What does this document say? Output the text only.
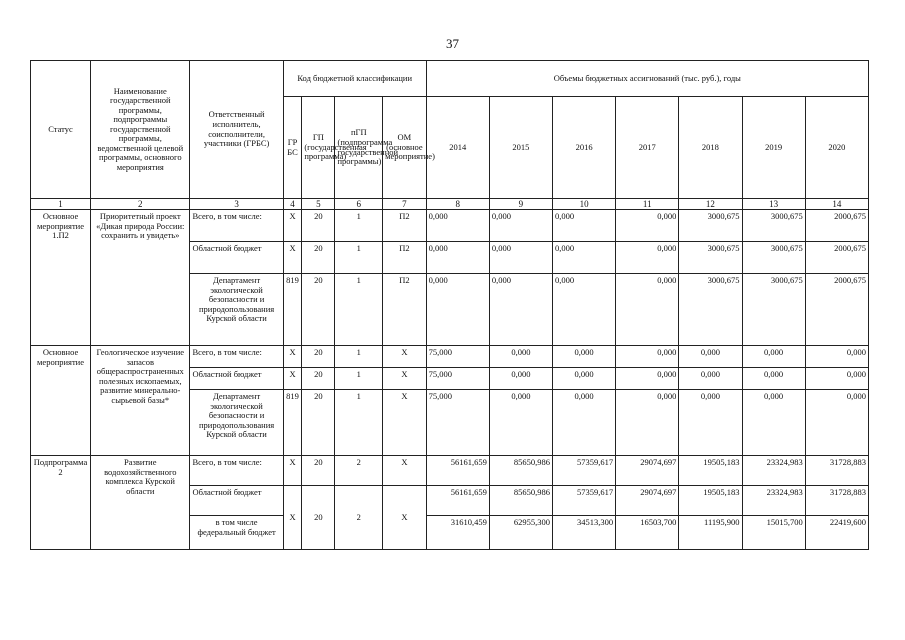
37
Статус	Наименование государственной программы, подпрограммы государственной программы, ведомственной целевой программы, основного мероприятия	Ответственный исполнитель, соисполнители, участники (ГРБС)	Код бюджетной классификации				Объемы бюджетных ассигнований (тыс. руб.), годы						
			ГР БС	ГП (государственная программа)	пГП (подпрограмма государственной программы)	ОМ (основное мероприятие)	2014	2015	2016	2017	2018	2019	2020
1	2	3	4	5	6	7	8	9	10	11	12	13	14
Основное мероприятие 1.П2	Приоритетный проект «Дикая природа России: сохранить и увидеть»	Всего, в том числе:	Х	20	1	П2	0,000	0,000	0,000	0,000	3000,675	3000,675	2000,675
		Областной бюджет	Х	20	1	П2	0,000	0,000	0,000	0,000	3000,675	3000,675	2000,675
		Департамент экологической безопасности и природопользования Курской области	819	20	1	П2	0,000	0,000	0,000	0,000	3000,675	3000,675	2000,675
Основное мероприятие	Геологическое изучение запасов общераспространенных полезных ископаемых, развитие минерально-сырьевой базы*	Всего, в том числе:	Х	20	1	Х	75,000	0,000	0,000	0,000	0,000	0,000	0,000
		Областной бюджет	Х	20	1	Х	75,000	0,000	0,000	0,000	0,000	0,000	0,000
		Департамент экологической безопасности и природопользования Курской области	819	20	1	Х	75,000	0,000	0,000	0,000	0,000	0,000	0,000
Подпрограмма 2	Развитие водохозяйственного комплекса Курской области	Всего, в том числе:	Х	20	2	Х	56161,659	85650,986	57359,617	29074,697	19505,183	23324,983	31728,883
		Областной бюджет	Х	20	2	Х	56161,659	85650,986	57359,617	29074,697	19505,183	23324,983	31728,883
		в том числе федеральный бюджет					31610,459	62955,300	34513,300	16503,700	11195,900	15015,700	22419,600
